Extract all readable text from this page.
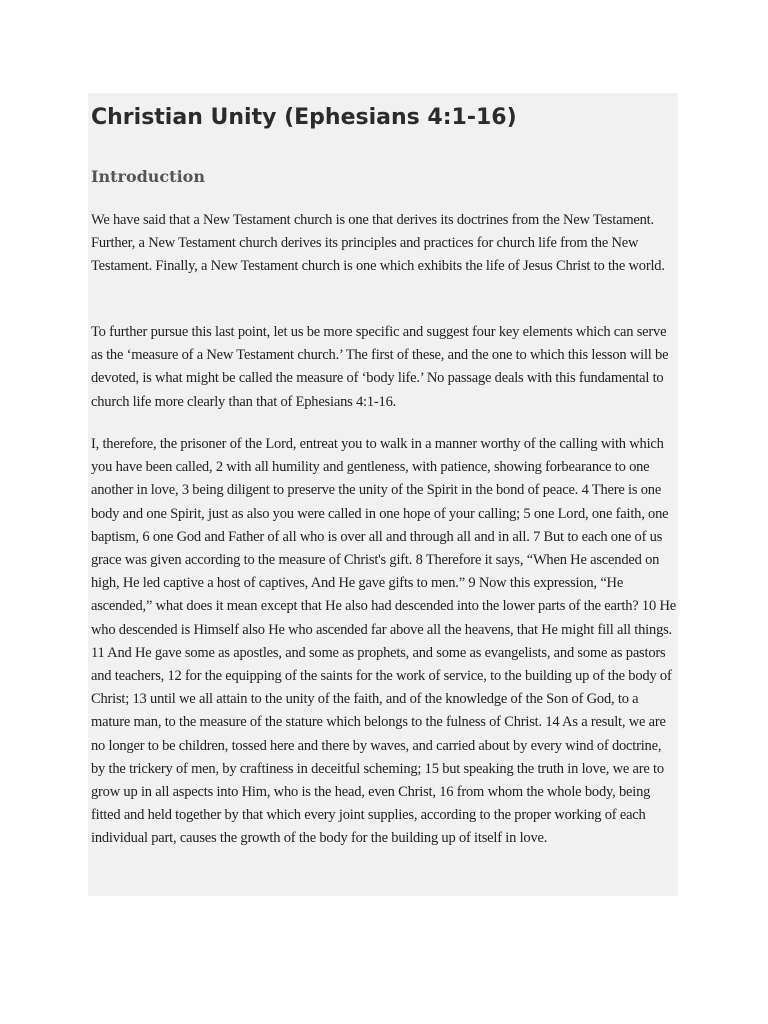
Christian Unity (Ephesians 4:1-16)
Introduction

We have said that a New Testament church is one that derives its doctrines from the New Testament. Further, a New Testament church derives its principles and practices for church life from the New Testament. Finally, a New Testament church is one which exhibits the life of Jesus Christ to the world.

To further pursue this last point, let us be more specific and suggest four key elements which can serve as the ‘measure of a New Testament church.’ The first of these, and the one to which this lesson will be devoted, is what might be called the measure of ‘body life.’ No passage deals with this fundamental to church life more clearly than that of Ephesians 4:1-16.

I, therefore, the prisoner of the Lord, entreat you to walk in a manner worthy of the calling with which you have been called, 2 with all humility and gentleness, with patience, showing forbearance to one another in love, 3 being diligent to preserve the unity of the Spirit in the bond of peace. 4 There is one body and one Spirit, just as also you were called in one hope of your calling; 5 one Lord, one faith, one baptism, 6 one God and Father of all who is over all and through all and in all. 7 But to each one of us grace was given according to the measure of Christ's gift. 8 Therefore it says, “When He ascended on high, He led captive a host of captives, And He gave gifts to men.” 9 Now this expression, “He ascended,” what does it mean except that He also had descended into the lower parts of the earth? 10 He who descended is Himself also He who ascended far above all the heavens, that He might fill all things. 11 And He gave some as apostles, and some as prophets, and some as evangelists, and some as pastors and teachers, 12 for the equipping of the saints for the work of service, to the building up of the body of Christ; 13 until we all attain to the unity of the faith, and of the knowledge of the Son of God, to a mature man, to the measure of the stature which belongs to the fulness of Christ. 14 As a result, we are no longer to be children, tossed here and there by waves, and carried about by every wind of doctrine, by the trickery of men, by craftiness in deceitful scheming; 15 but speaking the truth in love, we are to grow up in all aspects into Him, who is the head, even Christ, 16 from whom the whole body, being fitted and held together by that which every joint supplies, according to the proper working of each individual part, causes the growth of the body for the building up of itself in love.
